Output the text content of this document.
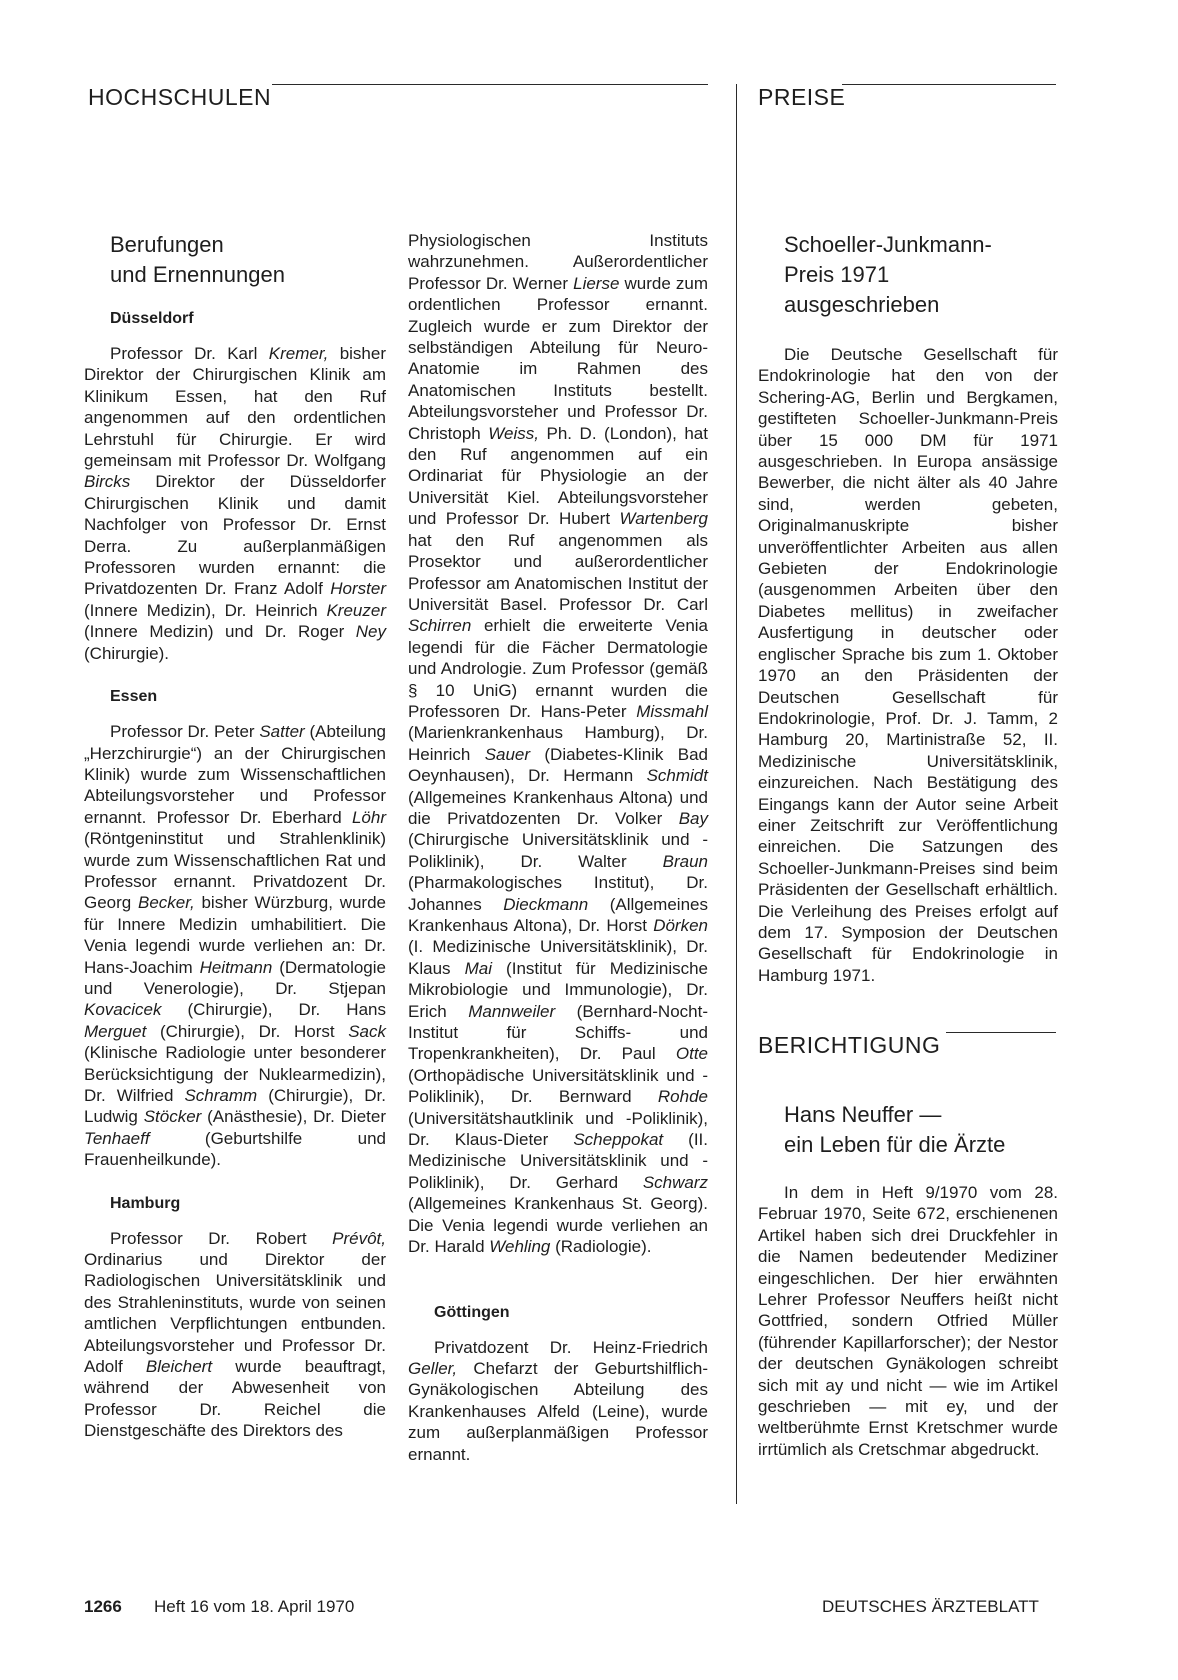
HOCHSCHULEN	PREISE
Berufungen
und Ernennungen
Düsseldorf

Professor Dr. Karl Kremer, bisher Direktor der Chirurgischen Klinik am Klinikum Essen, hat den Ruf angenommen auf den ordentlichen Lehrstuhl für Chirurgie. Er wird gemeinsam mit Professor Dr. Wolfgang Bircks Direktor der Düsseldorfer Chirurgischen Klinik und damit Nachfolger von Professor Dr. Ernst Derra. Zu außerplanmäßigen Professoren wurden ernannt: die Privatdozenten Dr. Franz Adolf Horster (Innere Medizin), Dr. Heinrich Kreuzer (Innere Medizin) und Dr. Roger Ney (Chirurgie).

Essen

Professor Dr. Peter Satter (Abteilung „Herzchirurgie“) an der Chirurgischen Klinik) wurde zum Wissenschaftlichen Abteilungsvorsteher und Professor ernannt. Professor Dr. Eberhard Löhr (Röntgeninstitut und Strahlenklinik) wurde zum Wissenschaftlichen Rat und Professor ernannt. Privatdozent Dr. Georg Becker, bisher Würzburg, wurde für Innere Medizin umhabilitiert. Die Venia legendi wurde verliehen an: Dr. Hans-Joachim Heitmann (Dermatologie und Venerologie), Dr. Stjepan Kovacicek (Chirurgie), Dr. Hans Merguet (Chirurgie), Dr. Horst Sack (Klinische Radiologie unter besonderer Berücksichtigung der Nuklearmedizin), Dr. Wilfried Schramm (Chirurgie), Dr. Ludwig Stöcker (Anästhesie), Dr. Dieter Tenhaeff (Geburtshilfe und Frauenheilkunde).

Hamburg

Professor Dr. Robert Prévôt, Ordinarius und Direktor der Radiologischen Universitätsklinik und des Strahleninstituts, wurde von seinen amtlichen Verpflichtungen entbunden. Abteilungsvorsteher und Professor Dr. Adolf Bleichert wurde beauftragt, während der Abwesenheit von Professor Dr. Reichel die Dienstgeschäfte des Direktors des

Physiologischen Instituts wahrzunehmen. Außerordentlicher Professor Dr. Werner Lierse wurde zum ordentlichen Professor ernannt. Zugleich wurde er zum Direktor der selbständigen Abteilung für Neuro-Anatomie im Rahmen des Anatomischen Instituts bestellt. Abteilungsvorsteher und Professor Dr. Christoph Weiss, Ph. D. (London), hat den Ruf angenommen auf ein Ordinariat für Physiologie an der Universität Kiel. Abteilungsvorsteher und Professor Dr. Hubert Wartenberg hat den Ruf angenommen als Prosektor und außerordentlicher Professor am Anatomischen Institut der Universität Basel. Professor Dr. Carl Schirren erhielt die erweiterte Venia legendi für die Fächer Dermatologie und Andrologie. Zum Professor (gemäß § 10 UniG) ernannt wurden die Professoren Dr. Hans-Peter Missmahl (Marienkrankenhaus Hamburg), Dr. Heinrich Sauer (Diabetes-Klinik Bad Oeynhausen), Dr. Hermann Schmidt (Allgemeines Krankenhaus Altona) und die Privatdozenten Dr. Volker Bay (Chirurgische Universitätsklinik und -Poliklinik), Dr. Walter Braun (Pharmakologisches Institut), Dr. Johannes Dieckmann (Allgemeines Krankenhaus Altona), Dr. Horst Dörken (I. Medizinische Universitätsklinik), Dr. Klaus Mai (Institut für Medizinische Mikrobiologie und Immunologie), Dr. Erich Mannweiler (Bernhard-Nocht-Institut für Schiffs- und Tropenkrankheiten), Dr. Paul Otte (Orthopädische Universitätsklinik und -Poliklinik), Dr. Bernward Rohde (Universitätshautklinik und -Poliklinik), Dr. Klaus-Dieter Scheppokat (II. Medizinische Universitätsklinik und -Poliklinik), Dr. Gerhard Schwarz (Allgemeines Krankenhaus St. Georg). Die Venia legendi wurde verliehen an Dr. Harald Wehling (Radiologie).

Göttingen

Privatdozent Dr. Heinz-Friedrich Geller, Chefarzt der Geburtshilflich-Gynäkologischen Abteilung des Krankenhauses Alfeld (Leine), wurde zum außerplanmäßigen Professor ernannt.

Schoeller-Junkmann-
Preis 1971
ausgeschrieben

Die Deutsche Gesellschaft für Endokrinologie hat den von der Schering-AG, Berlin und Bergkamen, gestifteten Schoeller-Junkmann-Preis über 15 000 DM für 1971 ausgeschrieben. In Europa ansässige Bewerber, die nicht älter als 40 Jahre sind, werden gebeten, Originalmanuskripte bisher unveröffentlichter Arbeiten aus allen Gebieten der Endokrinologie (ausgenommen Arbeiten über den Diabetes mellitus) in zweifacher Ausfertigung in deutscher oder englischer Sprache bis zum 1. Oktober 1970 an den Präsidenten der Deutschen Gesellschaft für Endokrinologie, Prof. Dr. J. Tamm, 2 Hamburg 20, Martinistraße 52, II. Medizinische Universitätsklinik, einzureichen. Nach Bestätigung des Eingangs kann der Autor seine Arbeit einer Zeitschrift zur Veröffentlichung einreichen. Die Satzungen des Schoeller-Junkmann-Preises sind beim Präsidenten der Gesellschaft erhältlich. Die Verleihung des Preises erfolgt auf dem 17. Symposion der Deutschen Gesellschaft für Endokrinologie in Hamburg 1971.

BERICHTIGUNG
Hans Neuffer —
ein Leben für die Ärzte

In dem in Heft 9/1970 vom 28. Februar 1970, Seite 672, erschienenen Artikel haben sich drei Druckfehler in die Namen bedeutender Mediziner eingeschlichen. Der hier erwähnten Lehrer Professor Neuffers heißt nicht Gottfried, sondern Otfried Müller (führender Kapillarforscher); der Nestor der deutschen Gynäkologen schreibt sich mit ay und nicht — wie im Artikel geschrieben — mit ey, und der weltberühmte Ernst Kretschmer wurde irrtümlich als Cretschmar abgedruckt.

1266 Heft 16 vom 18. April 1970	DEUTSCHES ÄRZTEBLATT
